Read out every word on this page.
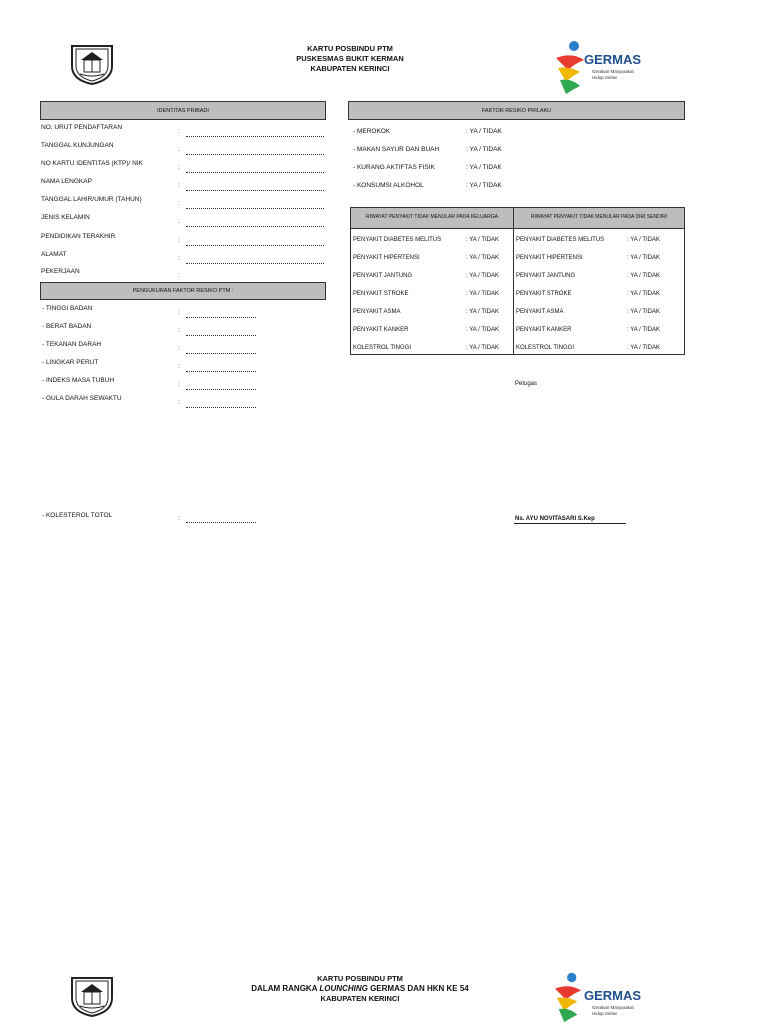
KARTU POSBINDU PTM
PUSKESMAS BUKIT KERMAN
KABUPATEN KERINCI
GERMAS
Gerakan Masyarakat
Hidup Sehat
IDENTITAS PRIBADI
NO. URUT PENDAFTARAN
:
TANGGAL KUNJUNGAN
:
NO KARTU IDENTITAS (KTP)/ NIK
:
NAMA LENGKAP
:
TANGGAL LAHIR/UMUR (TAHUN)
:
JENIS KELAMIN
:
PENDIDIKAN TERAKHIR
:
ALAMAT
:
PEKERJAAN
:
PENGUKURAN FAKTOR RESIKO PTM :
- TINGGI BADAN
:
- BERAT BADAN
:
- TEKANAN DARAH
:
- LINGKAR PERUT
:
- INDEKS MASA TUBUH
:
- GULA DARAH SEWAKTU
:
- KOLESTEROL TOTOL	:
FAKTOR RESIKO PRILAKU
- MEROKOK	: YA / TIDAK
- MAKAN SAYUR DAN BUAH	: YA / TIDAK
- KURANG AKTIFTAS FISIK	: YA / TIDAK
- KONSUMSI ALKOHOL	: YA / TIDAK
RIWAYAT PENYAKIT TIDAK MENULAR PADA KELUARGA	RIWAYAT PENYAKIT TIDAK MENULAR PADA DIRI SENDIRI
PENYAKIT DIABETES MELITUS	: YA / TIDAK	PENYAKIT DIABETES MELITUS	: YA / TIDAK
PENYAKIT HIPERTENSI	: YA / TIDAK	PENYAKIT HIPERTENSI	: YA / TIDAK
PENYAKIT JANTUNG	: YA / TIDAK	PENYAKIT JANTUNG	: YA / TIDAK
PENYAKIT STROKE	: YA / TIDAK	PENYAKIT STROKE	: YA / TIDAK
PENYAKIT ASMA	: YA / TIDAK	PENYAKIT ASMA	: YA / TIDAK
PENYAKIT KANKER	: YA / TIDAK	PENYAKIT KANKER	: YA / TIDAK
KOLESTROL TINGGI	: YA / TIDAK	KOLESTROL TINGGI	: YA / TIDAK
Petugas
Ns. AYU NOVITASARI S.Kep
KARTU POSBINDU PTM
DALAM RANGKA LOUNCHING GERMAS DAN HKN KE 54
KABUPATEN KERINCI	GERMAS
Gerakan Masyarakat
Hidup Sehat
